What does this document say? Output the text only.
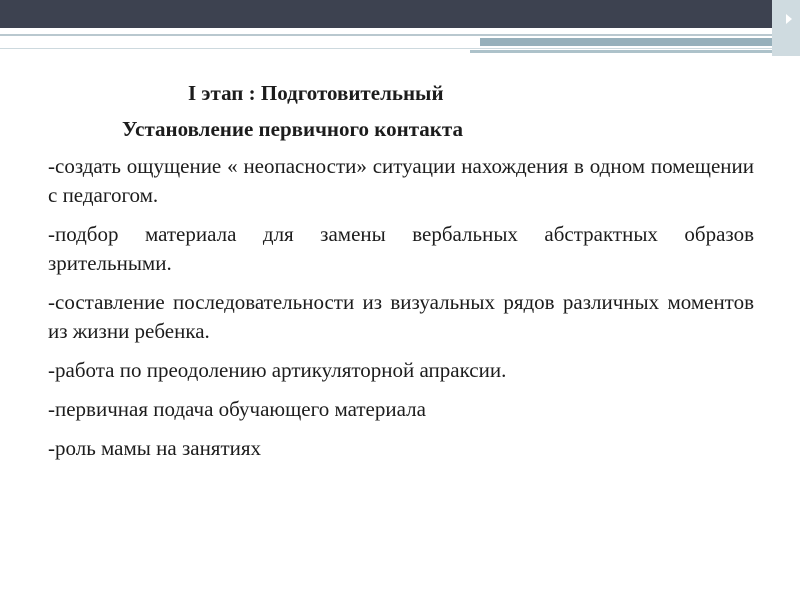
I этап : Подготовительный
Установление первичного контакта
-создать ощущение « неопасности» ситуации нахождения в одном помещении с педагогом.
-подбор материала для замены вербальных абстрактных образов зрительными.
-составление последовательности из визуальных рядов различных моментов из жизни ребенка.
-работа по преодолению артикуляторной апраксии.
-первичная подача обучающего материала
-роль мамы на занятиях
